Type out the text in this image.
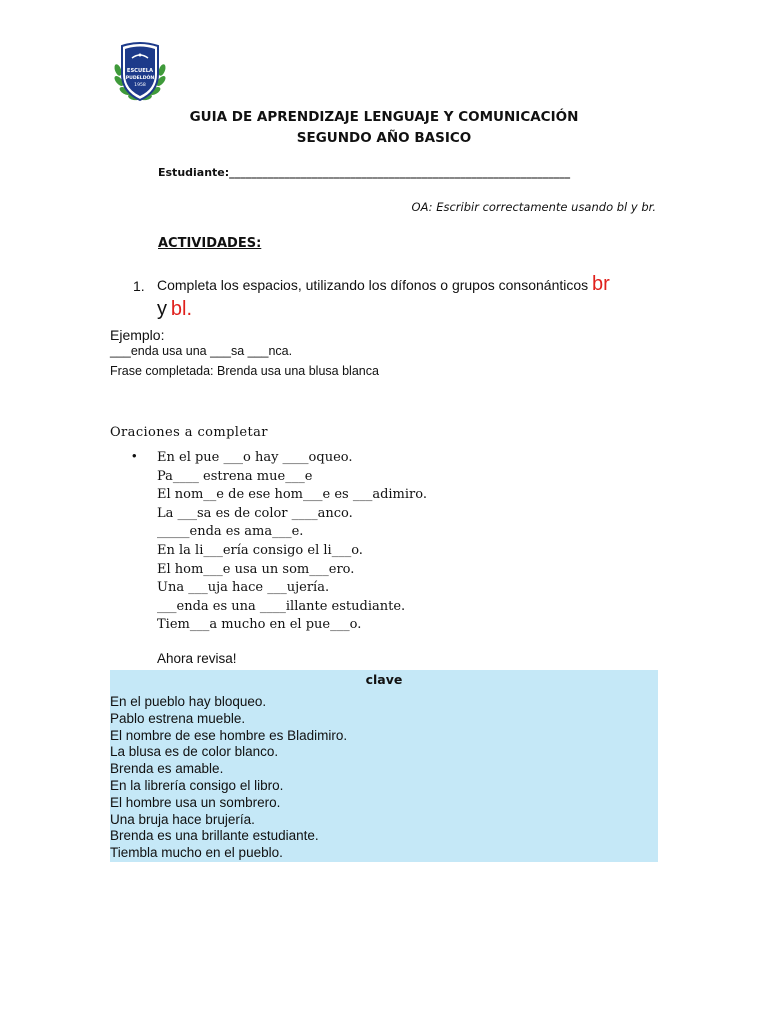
ESCUELA
PUDELDÓN
1958
GUIA DE APRENDIZAJE LENGUAJE Y COMUNICACIÓN
SEGUNDO AÑO BASICO
Estudiante:______________________________________________________________
OA: Escribir correctamente usando bl y br.
ACTIVIDADES:
1. Completa los espacios, utilizando los dífonos o grupos consonánticos br
y bl.
Ejemplo:
___enda usa una ___sa ___nca.
Frase completada: Brenda usa una blusa blanca
Oraciones a completar
• En el pue ___o hay ____oqueo.
Pa____ estrena mue___e
El nom__e de ese hom___e es ___adimiro.
La ___sa es de color ____anco.
_____enda es ama___e.
En la li___ería consigo el li___o.
El hom___e usa un som___ero.
Una ___uja hace ___ujería.
___enda es una ____illante estudiante.
Tiem___a mucho en el pue___o.
Ahora revisa!
clave
En el pueblo hay bloqueo.
Pablo estrena mueble.
El nombre de ese hombre es Bladimiro.
La blusa es de color blanco.
Brenda es amable.
En la librería consigo el libro.
El hombre usa un sombrero.
Una bruja hace brujería.
Brenda es una brillante estudiante.
Tiembla mucho en el pueblo.
